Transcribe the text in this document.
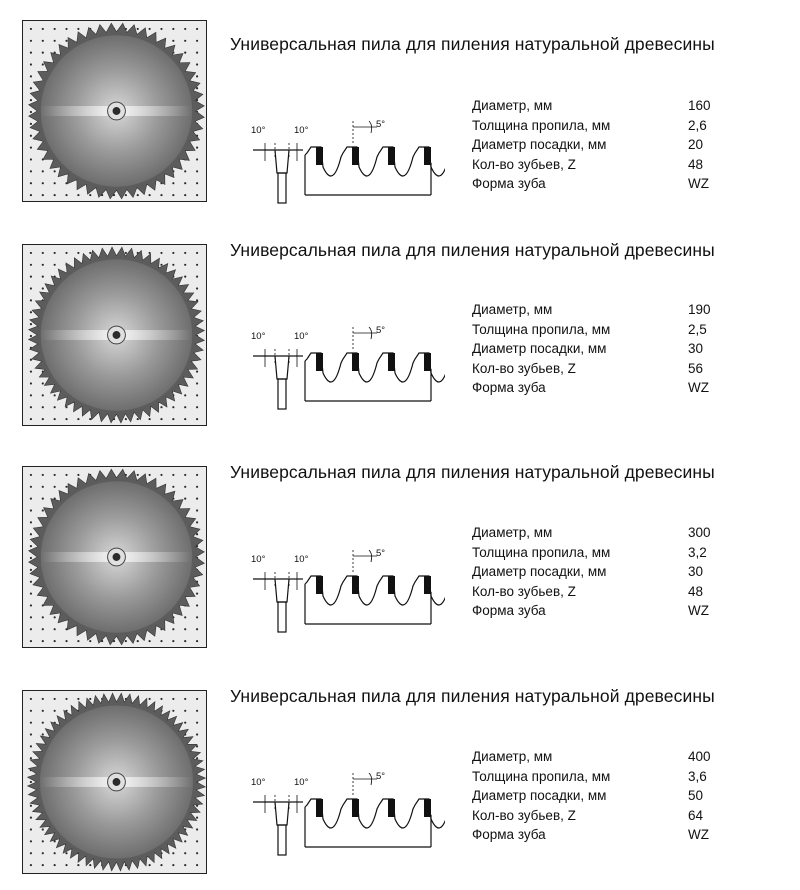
Универсальная пила для пиления натуральной древесины
10°	10°
5°
Диаметр, мм	160
Толщина пропила, мм	2,6
Диаметр посадки, мм	20
Кол-во зубьев, Z	48
Форма зуба	WZ
Универсальная пила для пиления натуральной древесины
10°	10°
5°
Диаметр, мм	190
Толщина пропила, мм	2,5
Диаметр посадки, мм	30
Кол-во зубьев, Z	56
Форма зуба	WZ
Универсальная пила для пиления натуральной древесины
10°	10°
5°
Диаметр, мм	300
Толщина пропила, мм	3,2
Диаметр посадки, мм	30
Кол-во зубьев, Z	48
Форма зуба	WZ
Универсальная пила для пиления натуральной древесины
10°	10°
5°
Диаметр, мм	400
Толщина пропила, мм	3,6
Диаметр посадки, мм	50
Кол-во зубьев, Z	64
Форма зуба	WZ
